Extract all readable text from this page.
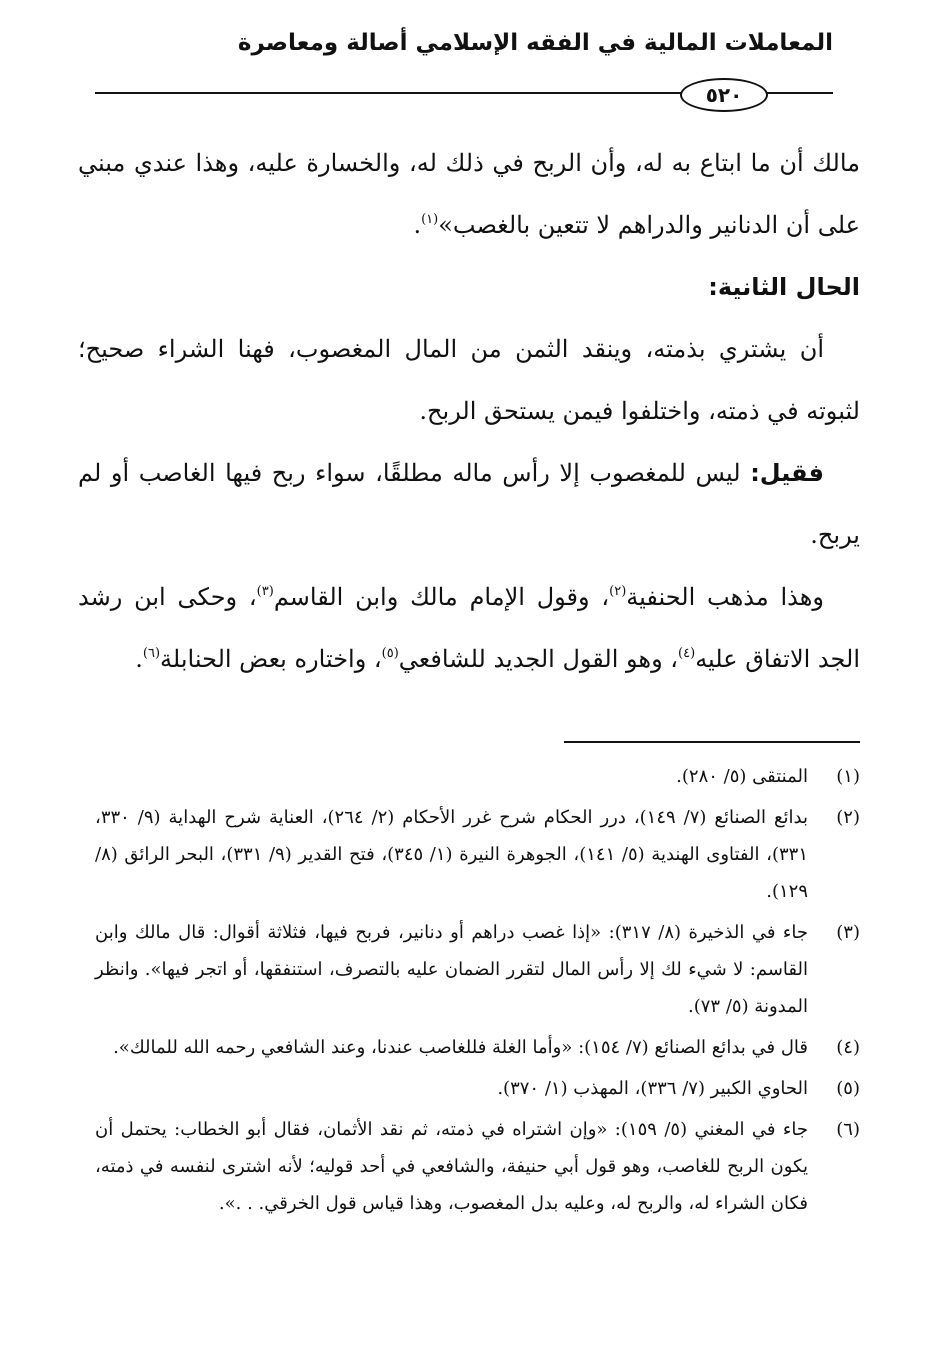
المعاملات المالية في الفقه الإسلامي أصالة ومعاصرة
٥٢٠

مالك أن ما ابتاع به له، وأن الربح في ذلك له، والخسارة عليه، وهذا عندي مبني على أن الدنانير والدراهم لا تتعين بالغصب»$^{(١)}$.

الحال الثانية:

أن يشتري بذمته، وينقد الثمن من المال المغصوب، فهنا الشراء صحيح؛ لثبوته في ذمته، واختلفوا فيمن يستحق الربح.

فقيل: ليس للمغصوب إلا رأس ماله مطلقًا، سواء ربح فيها الغاصب أو لم يربح.

وهذا مذهب الحنفية$^{(٢)}$، وقول الإمام مالك وابن القاسم$^{(٣)}$، وحكى ابن رشد الجد الاتفاق عليه$^{(٤)}$، وهو القول الجديد للشافعي$^{(٥)}$، واختاره بعض الحنابلة$^{(٦)}$.

(١)
المنتقى (٥/ ٢٨٠).
(٢)
بدائع الصنائع (٧/ ١٤٩)، درر الحكام شرح غرر الأحكام (٢/ ٢٦٤)، العناية شرح الهداية (٩/ ٣٣٠، ٣٣١)، الفتاوى الهندية (٥/ ١٤١)، الجوهرة النيرة (١/ ٣٤٥)، فتح القدير (٩/ ٣٣١)، البحر الرائق (٨/ ١٢٩).
(٣)
جاء في الذخيرة (٨/ ٣١٧): «إذا غصب دراهم أو دنانير، فربح فيها، فثلاثة أقوال: قال مالك وابن القاسم: لا شيء لك إلا رأس المال لتقرر الضمان عليه بالتصرف، استنفقها، أو اتجر فيها». وانظر المدونة (٥/ ٧٣).
(٤)
قال في بدائع الصنائع (٧/ ١٥٤): «وأما الغلة فللغاصب عندنا، وعند الشافعي رحمه الله للمالك».
(٥)
الحاوي الكبير (٧/ ٣٣٦)، المهذب (١/ ٣٧٠).
(٦)
جاء في المغني (٥/ ١٥٩): «وإن اشتراه في ذمته، ثم نقد الأثمان، فقال أبو الخطاب: يحتمل أن يكون الربح للغاصب، وهو قول أبي حنيفة، والشافعي في أحد قوليه؛ لأنه اشترى لنفسه في ذمته، فكان الشراء له، والربح له، وعليه بدل المغصوب، وهذا قياس قول الخرقي. . .».
